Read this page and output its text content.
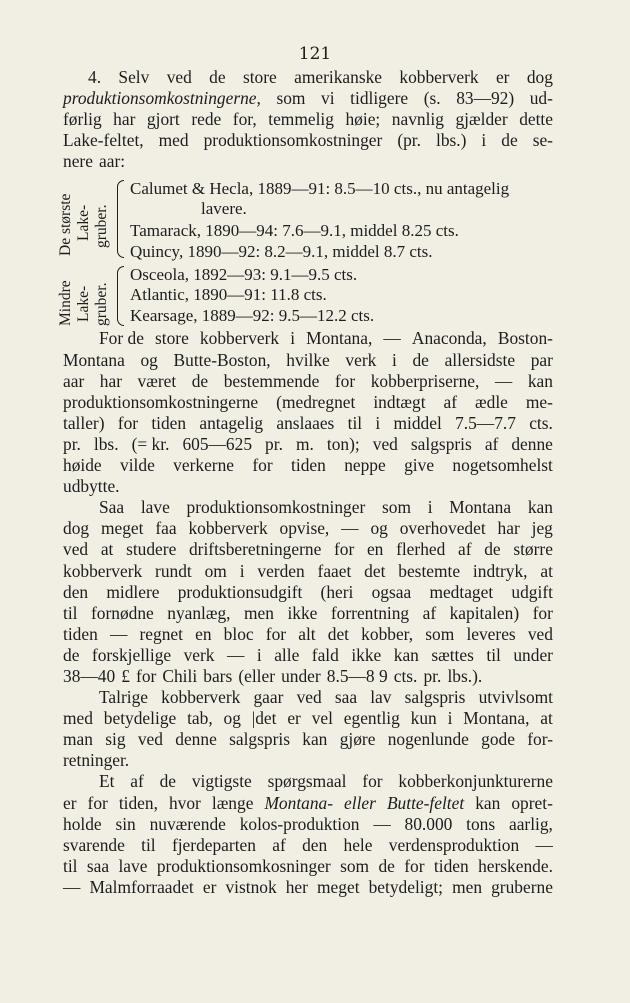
121
4. Selv ved de store amerikanske kobberverk er dog
produktionsomkostningerne, som vi tidligere (s. 83—92) ud-
førlig har gjort rede for, temmelig høie; navnlig gjælder dette
Lake-feltet, med produktionsomkostninger (pr. lbs.) i de se-
nere aar:
De største Lake- gruber.
Calumet & Hecla, 1889—91: 8.5—10 cts., nu antagelig
lavere.
Tamarack, 1890—94: 7.6—9.1, middel 8.25 cts.
Quincy, 1890—92: 8.2—9.1, middel 8.7 cts.
Mindre Lake- gruber.
Osceola, 1892—93: 9.1—9.5 cts.
Atlantic, 1890—91: 11.8 cts.
Kearsage, 1889—92: 9.5—12.2 cts.
For de store kobberverk i Montana, — Anaconda, Boston-
Montana og Butte-Boston, hvilke verk i de allersidste par
aar har været de bestemmende for kobberpriserne, — kan
produktionsomkostningerne (medregnet indtægt af ædle me-
taller) for tiden antagelig anslaaes til i middel 7.5—7.7 cts.
pr. lbs. (= kr. 605—625 pr. m. ton); ved salgspris af denne
høide vilde verkerne for tiden neppe give nogetsomhelst
udbytte.
Saa lave produktionsomkostninger som i Montana kan
dog meget faa kobberverk opvise, — og overhovedet har jeg
ved at studere driftsberetningerne for en flerhed af de større
kobberverk rundt om i verden faaet det bestemte indtryk, at
den midlere produktionsudgift (heri ogsaa medtaget udgift
til fornødne nyanlæg, men ikke forrentning af kapitalen) for
tiden — regnet en bloc for alt det kobber, som leveres ved
de forskjellige verk — i alle fald ikke kan sættes til under
38—40 £ for Chili bars (eller under 8.5—8 9 cts. pr. lbs.).
Talrige kobberverk gaar ved saa lav salgspris utvivlsomt
med betydelige tab, og |det er vel egentlig kun i Montana, at
man sig ved denne salgspris kan gjøre nogenlunde gode for-
retninger.
Et af de vigtigste spørgsmaal for kobberkonjunkturerne
er for tiden, hvor længe Montana- eller Butte-feltet kan opret-
holde sin nuværende kolos-produktion — 80.000 tons aarlig,
svarende til fjerdeparten af den hele verdensproduktion —
til saa lave produktionsomkosninger som de for tiden herskende.
— Malmforraadet er vistnok her meget betydeligt; men gruberne
